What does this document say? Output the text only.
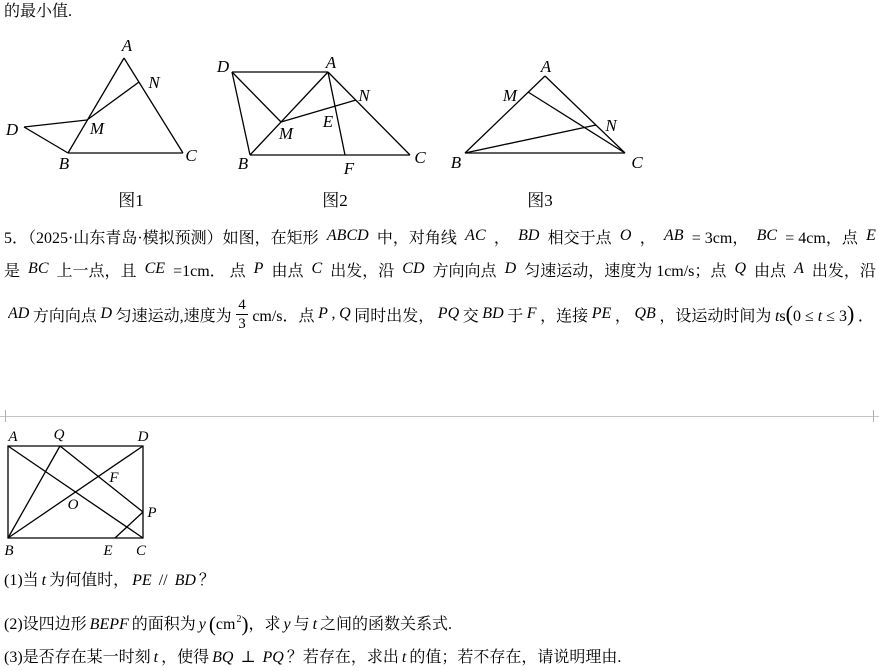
的最小值.
A
N
D	M
B	C
图1
D	A
N
M
E
B	F
C
图2
A
M
N
B	C
图3
5．（2025·山东青岛·模拟预测）如图，在矩形 ABCD 中，对角线 AC ， BD 相交于点 O ， AB = 3cm， BC = 4cm，点 E
是 BC 上一点，且 CE =1cm． 点 P 由点 C 出发，沿 CD 方向向点 D 匀速运动，速度为 1cm/s；点 Q 由点 A 出发，沿
AD 方向向点 D 匀速运动,速度为 $\frac{4}{3} cm/s$．点 P , Q 同时出发， PQ 交 BD 于 F ，连接 PE ， QB ，设运动时间为 ts(0 ≤ t ≤ 3) ．
A Q	D
F
O	P
B	E C
(1)当 t 为何值时， PE // BD ？
(2)设四边形 BEPF 的面积为 y $(cm^2)$，求 y 与 t 之间的函数关系式.
(3)是否存在某一时刻 t ，使得 BQ ⊥ PQ ？若存在，求出 t 的值；若不存在，请说明理由.
